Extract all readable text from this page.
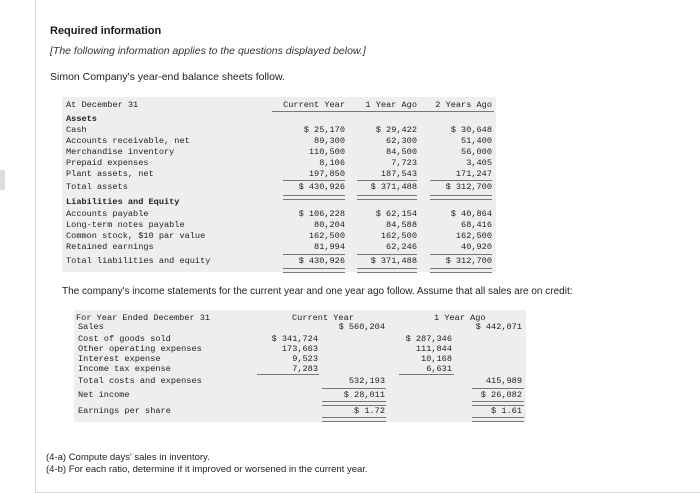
Required information
[The following information applies to the questions displayed below.]
Simon Company's year-end balance sheets follow.
At December 31	Current Year	1 Year Ago	2 Years Ago
Assets
Cash	$ 25,170	$ 29,422	$ 30,648
Accounts receivable, net	89,300	62,300	51,400
Merchandise inventory	110,500	84,500	56,000
Prepaid expenses	8,106	7,723	3,405
Plant assets, net	197,850	187,543	171,247
Total assets	$ 430,926	$ 371,488	$ 312,700
Liabilities and Equity
Accounts payable	$ 106,228	$ 62,154	$ 40,864
Long-term notes payable	80,204	84,588	68,416
Common stock, $10 par value	162,500	162,500	162,500
Retained earnings	81,994	62,246	40,920
Total liabilities and equity	$ 430,926	$ 371,488	$ 312,700
The company's income statements for the current year and one year ago follow. Assume that all sales are on credit:
For Year Ended December 31	Current Year	1 Year Ago
Sales	$ 560,204	$ 442,071
Cost of goods sold	$ 341,724	$ 287,346
Other operating expenses	173,663	111,844
Interest expense	9,523	10,168
Income tax expense	7,283	6,631
Total costs and expenses	532,193	415,989
Net income	$ 28,011	$ 26,082
Earnings per share	$ 1.72	$ 1.61
(4-a) Compute days' sales in inventory.
(4-b) For each ratio, determine if it improved or worsened in the current year.
